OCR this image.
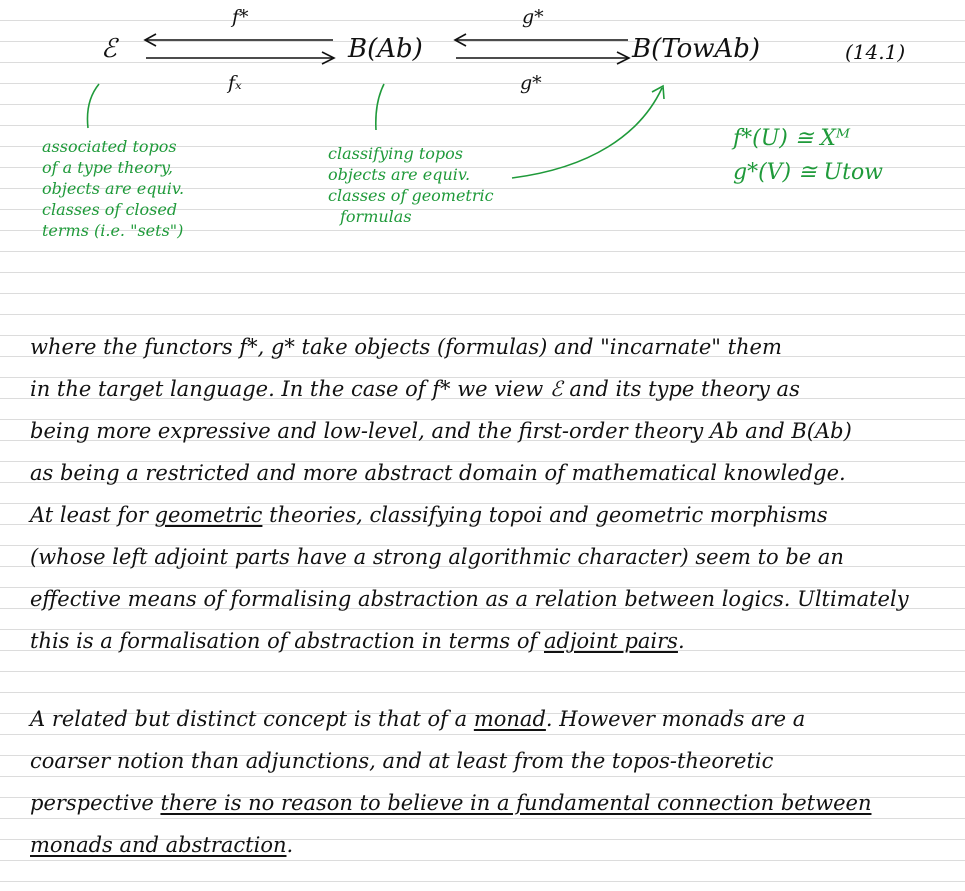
ℰ	B(Ab)	B(TowAb)	(14.1)
f*
fₓ
g*
g*
associated topos
of a type theory,
objects are equiv.
classes of closed
terms (i.e. "sets")
classifying topos
objects are equiv.
classes of geometric
formulas
f*(U) ≅ Xᴹ
g*(V) ≅ Utow
where the functors f*, g* take objects (formulas) and "incarnate" them
in the target language. In the case of f* we view ℰ and its type theory as
being more expressive and low-level, and the first-order theory Ab and B(Ab)
as being a restricted and more abstract domain of mathematical knowledge.
At least for geometric theories, classifying topoi and geometric morphisms
(whose left adjoint parts have a strong algorithmic character) seem to be an
effective means of formalising abstraction as a relation between logics. Ultimately
this is a formalisation of abstraction in terms of adjoint pairs.
A related but distinct concept is that of a monad. However monads are a
coarser notion than adjunctions, and at least from the topos-theoretic
perspective there is no reason to believe in a fundamental connection between
monads and abstraction.
